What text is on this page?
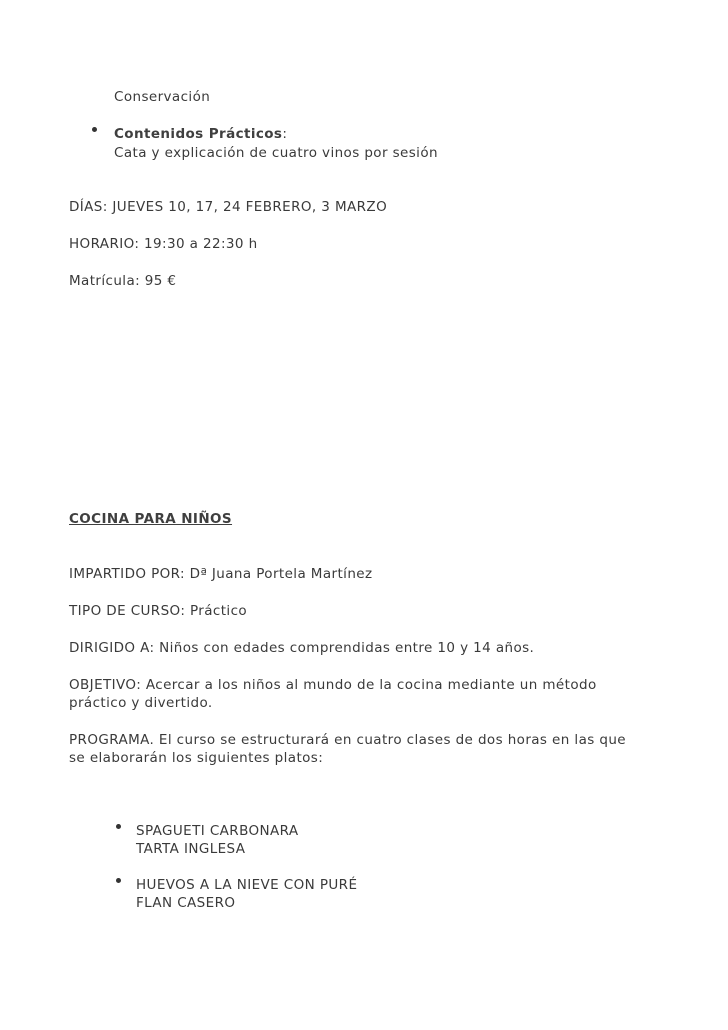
Conservación
Contenidos Prácticos:
Cata y explicación de cuatro vinos por sesión
DÍAS: JUEVES 10, 17, 24 FEBRERO, 3 MARZO
HORARIO: 19:30 a 22:30 h
Matrícula: 95 €
COCINA PARA NIÑOS
IMPARTIDO POR: Dª Juana Portela Martínez
TIPO DE CURSO: Práctico
DIRIGIDO A: Niños con edades comprendidas entre 10 y 14 años.
OBJETIVO: Acercar a los niños al mundo de la cocina mediante un método
práctico y divertido.
PROGRAMA. El curso se estructurará en cuatro clases de dos horas en las que
se elaborarán los siguientes platos:
SPAGUETI CARBONARA
TARTA INGLESA
HUEVOS A LA NIEVE CON PURÉ
FLAN CASERO
